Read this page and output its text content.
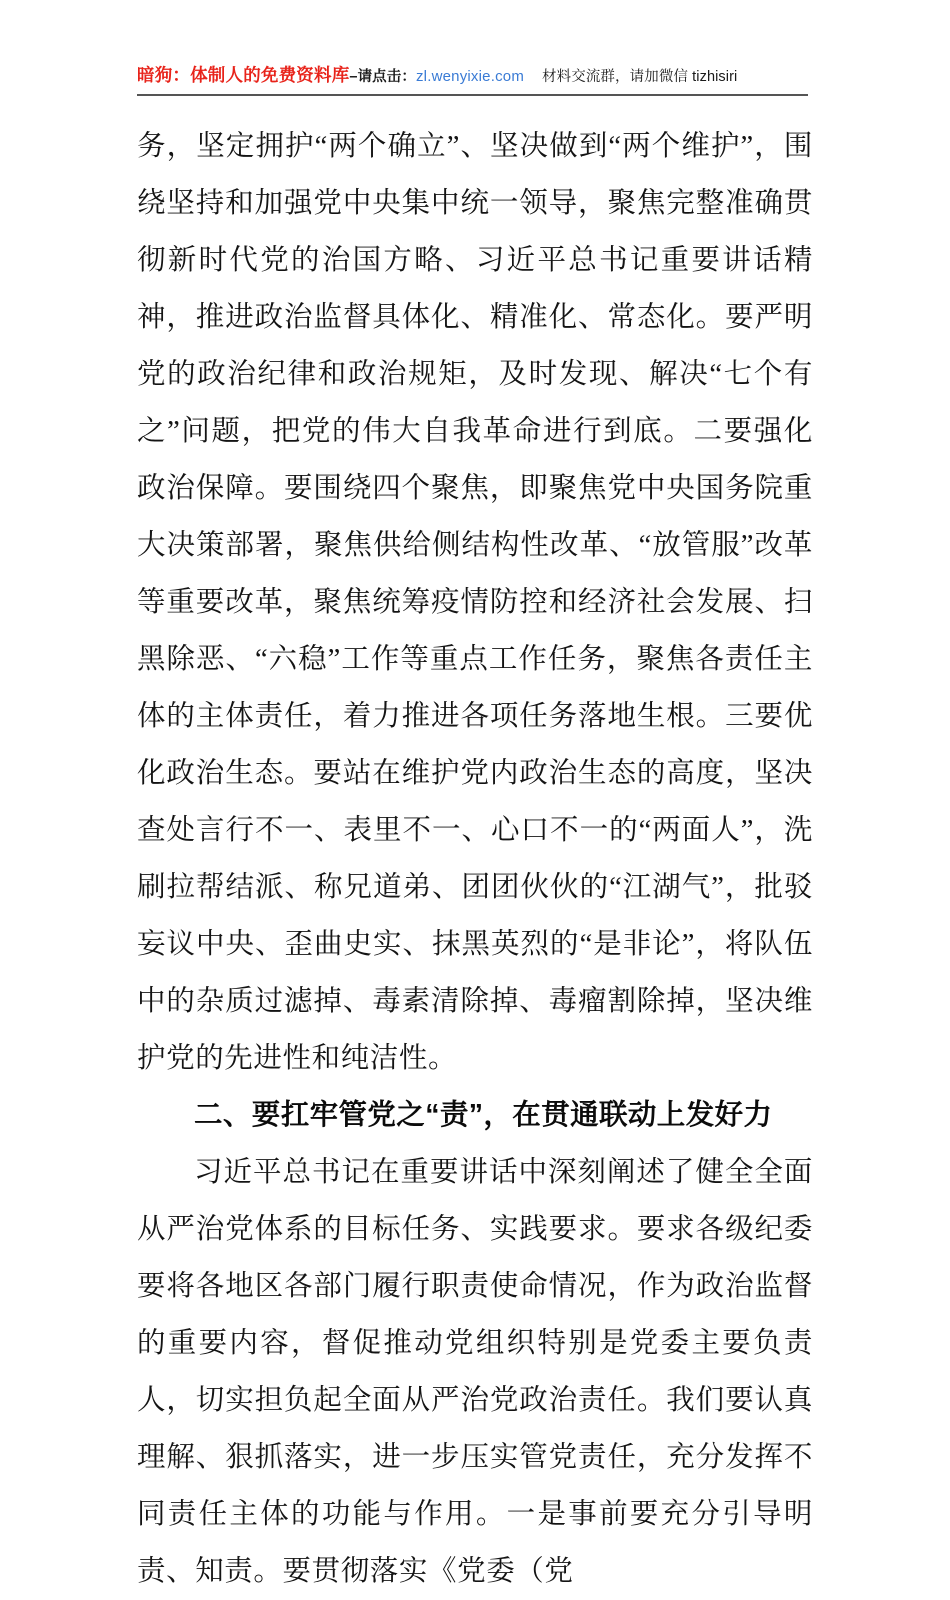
暗狗：体制人的免费资料库–请点击：zl.wenyixie.com 材料交流群，请加微信 tizhisiri

务，坚定拥护“两个确立”、坚决做到“两个维护”，围绕坚持和加强党中央集中统一领导，聚焦完整准确贯彻新时代党的治国方略、习近平总书记重要讲话精神，推进政治监督具体化、精准化、常态化。要严明党的政治纪律和政治规矩，及时发现、解决“七个有之”问题，把党的伟大自我革命进行到底。二要强化政治保障。要围绕四个聚焦，即聚焦党中央国务院重大决策部署，聚焦供给侧结构性改革、“放管服”改革等重要改革，聚焦统筹疫情防控和经济社会发展、扫黑除恶、“六稳”工作等重点工作任务，聚焦各责任主体的主体责任，着力推进各项任务落地生根。三要优化政治生态。要站在维护党内政治生态的高度，坚决查处言行不一、表里不一、心口不一的“两面人”，洗刷拉帮结派、称兄道弟、团团伙伙的“江湖气”，批驳妄议中央、歪曲史实、抹黑英烈的“是非论”，将队伍中的杂质过滤掉、毒素清除掉、毒瘤割除掉，坚决维护党的先进性和纯洁性。

二、要扛牢管党之“责”，在贯通联动上发好力

习近平总书记在重要讲话中深刻阐述了健全全面从严治党体系的目标任务、实践要求。要求各级纪委要将各地区各部门履行职责使命情况，作为政治监督的重要内容，督促推动党组织特别是党委主要负责人，切实担负起全面从严治党政治责任。我们要认真理解、狠抓落实，进一步压实管党责任，充分发挥不同责任主体的功能与作用。一是事前要充分引导明责、知责。要贯彻落实《党委（党
